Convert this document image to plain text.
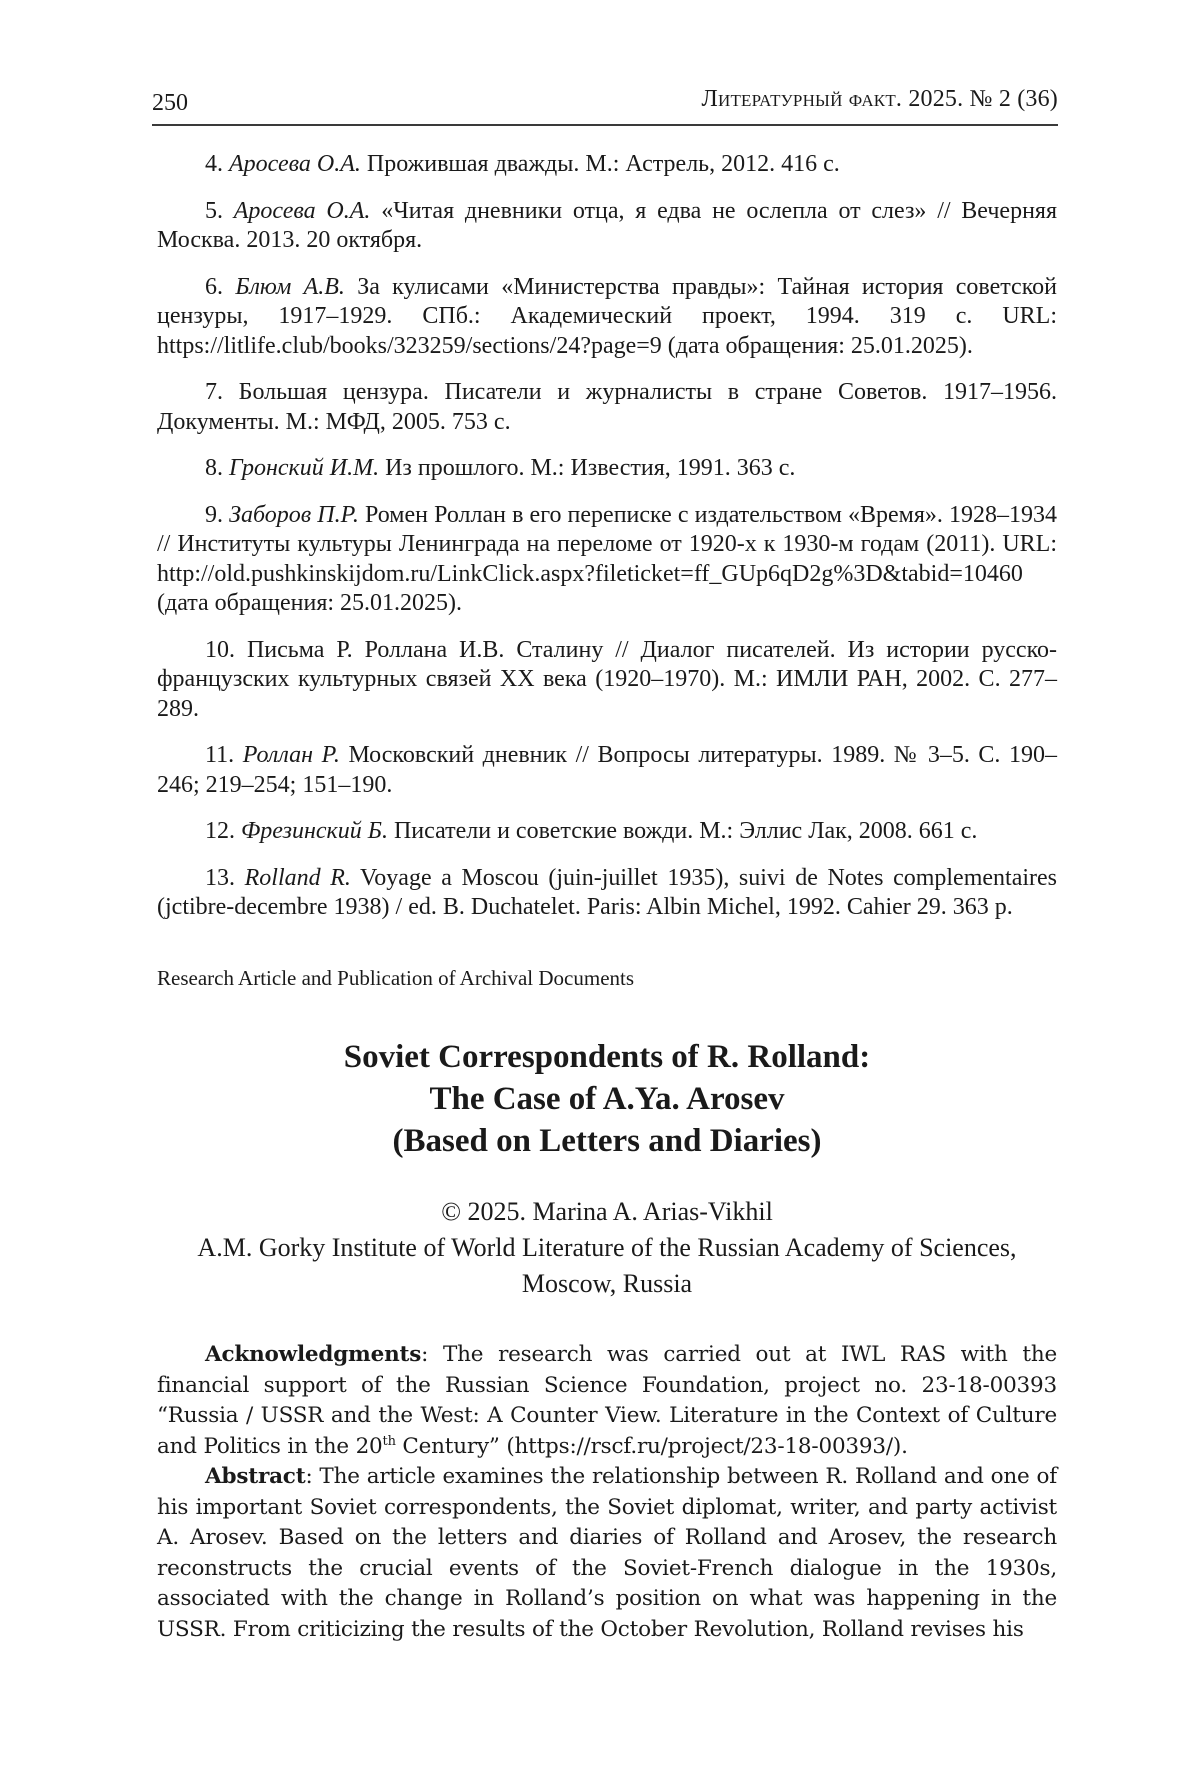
250	Литературный факт. 2025. № 2 (36)

4. Аросева О.А. Прожившая дважды. М.: Астрель, 2012. 416 с.

5. Аросева О.А. «Читая дневники отца, я едва не ослепла от слез» // Вечерняя Москва. 2013. 20 октября.

6. Блюм А.В. За кулисами «Министерства правды»: Тайная история советской цензуры, 1917–1929. СПб.: Академический проект, 1994. 319 с. URL: https://litlife.club/books/323259/sections/24?page=9 (дата обращения: 25.01.2025).

7. Большая цензура. Писатели и журналисты в стране Советов. 1917–1956. Документы. М.: МФД, 2005. 753 с.

8. Гронский И.М. Из прошлого. М.: Известия, 1991. 363 с.

9. Заборов П.Р. Ромен Роллан в его переписке с издательством «Время». 1928–1934 // Институты культуры Ленинграда на переломе от 1920-х к 1930-м годам (2011). URL: http://old.pushkinskijdom.ru/LinkClick.aspx?fileticket=ff_GUp6qD2g%3D&tabid=10460 (дата обращения: 25.01.2025).

10. Письма Р. Роллана И.В. Сталину // Диалог писателей. Из истории русско-французских культурных связей XX века (1920–1970). М.: ИМЛИ РАН, 2002. С. 277–289.

11. Роллан Р. Московский дневник // Вопросы литературы. 1989. № 3–5. С. 190–246; 219–254; 151–190.

12. Фрезинский Б. Писатели и советские вожди. М.: Эллис Лак, 2008. 661 с.

13. Rolland R. Voyage a Moscou (juin-juillet 1935), suivi de Notes complementaires (jctibre-decembre 1938) / ed. B. Duchatelet. Paris: Albin Michel, 1992. Cahier 29. 363 p.

Research Article and Publication of Archival Documents
Soviet Correspondents of R. Rolland:
The Case of A.Ya. Arosev
(Based on Letters and Diaries)
© 2025. Marina A. Arias-Vikhil
A.M. Gorky Institute of World Literature of the Russian Academy of Sciences,
Moscow, Russia

Acknowledgments: The research was carried out at IWL RAS with the financial support of the Russian Science Foundation, project no. 23-18-00393 “Russia / USSR and the West: A Counter View. Literature in the Context of Culture and Politics in the 20th Century” (https://rscf.ru/project/23-18-00393/).

Abstract: The article examines the relationship between R. Rolland and one of his important Soviet correspondents, the Soviet diplomat, writer, and party activist A. Arosev. Based on the letters and diaries of Rolland and Arosev, the research reconstructs the crucial events of the Soviet-French dialogue in the 1930s, associated with the change in Rolland’s position on what was happening in the USSR. From criticizing the results of the October Revolution, Rolland revises his
